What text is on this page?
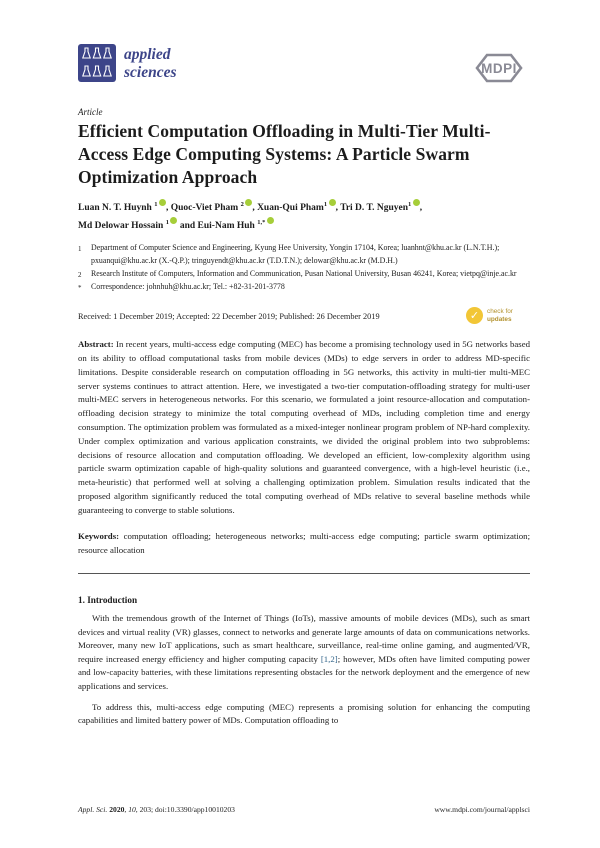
applied
sciences	MDPI
Article
Efficient Computation Offloading in Multi-Tier Multi-Access Edge Computing Systems: A Particle Swarm Optimization Approach
Luan N. T. Huynh $^1$ , Quoc-Viet Pham $^2$ , Xuan-Qui Pham$^1$ , Tri D. T. Nguyen$^1$ ,
Md Delowar Hossain $^1$ and Eui-Nam Huh $^{1,*}$
1	Department of Computer Science and Engineering, Kyung Hee University, Yongin 17104, Korea; luanhnt@khu.ac.kr (L.N.T.H.); pxuanqui@khu.ac.kr (X.-Q.P.); tringuyendt@khu.ac.kr (T.D.T.N.); delowar@khu.ac.kr (M.D.H.)
2	Research Institute of Computers, Information and Communication, Pusan National University, Busan 46241, Korea; vietpq@inje.ac.kr
*	Correspondence: johnhuh@khu.ac.kr; Tel.: +82-31-201-3778
Received: 1 December 2019; Accepted: 22 December 2019; Published: 26 December 2019	✓	check for
updates

Abstract: In recent years, multi-access edge computing (MEC) has become a promising technology used in 5G networks based on its ability to offload computational tasks from mobile devices (MDs) to edge servers in order to address MD-specific limitations. Despite considerable research on computation offloading in 5G networks, this activity in multi-tier multi-MEC server systems continues to attract attention. Here, we investigated a two-tier computation-offloading strategy for multi-user multi-MEC servers in heterogeneous networks. For this scenario, we formulated a joint resource-allocation and computation-offloading decision strategy to minimize the total computing overhead of MDs, including completion time and energy consumption. The optimization problem was formulated as a mixed-integer nonlinear program problem of NP-hard complexity. Under complex optimization and various application constraints, we divided the original problem into two subproblems: decisions of resource allocation and computation offloading. We developed an efficient, low-complexity algorithm using particle swarm optimization capable of high-quality solutions and guaranteed convergence, with a high-level heuristic (i.e., meta-heuristic) that performed well at solving a challenging optimization problem. Simulation results indicated that the proposed algorithm significantly reduced the total computing overhead of MDs relative to several baseline methods while guaranteeing to converge to stable solutions.

Keywords: computation offloading; heterogeneous networks; multi-access edge computing; particle swarm optimization; resource allocation

1. Introduction

With the tremendous growth of the Internet of Things (IoTs), massive amounts of mobile devices (MDs), such as smart devices and virtual reality (VR) glasses, connect to networks and generate large amounts of data on communications networks. Moreover, many new IoT applications, such as smart healthcare, surveillance, real-time online gaming, and augmented/VR, require increased energy efficiency and higher computing capacity [1,2]; however, MDs often have limited computing power and low-capacity batteries, with these limitations representing obstacles for the network deployment and the emergence of new applications and services.

To address this, multi-access edge computing (MEC) represents a promising solution for enhancing the computing capabilities and limited battery power of MDs. Computation offloading to

Appl. Sci. 2020, 10, 203; doi:10.3390/app10010203	www.mdpi.com/journal/applsci
